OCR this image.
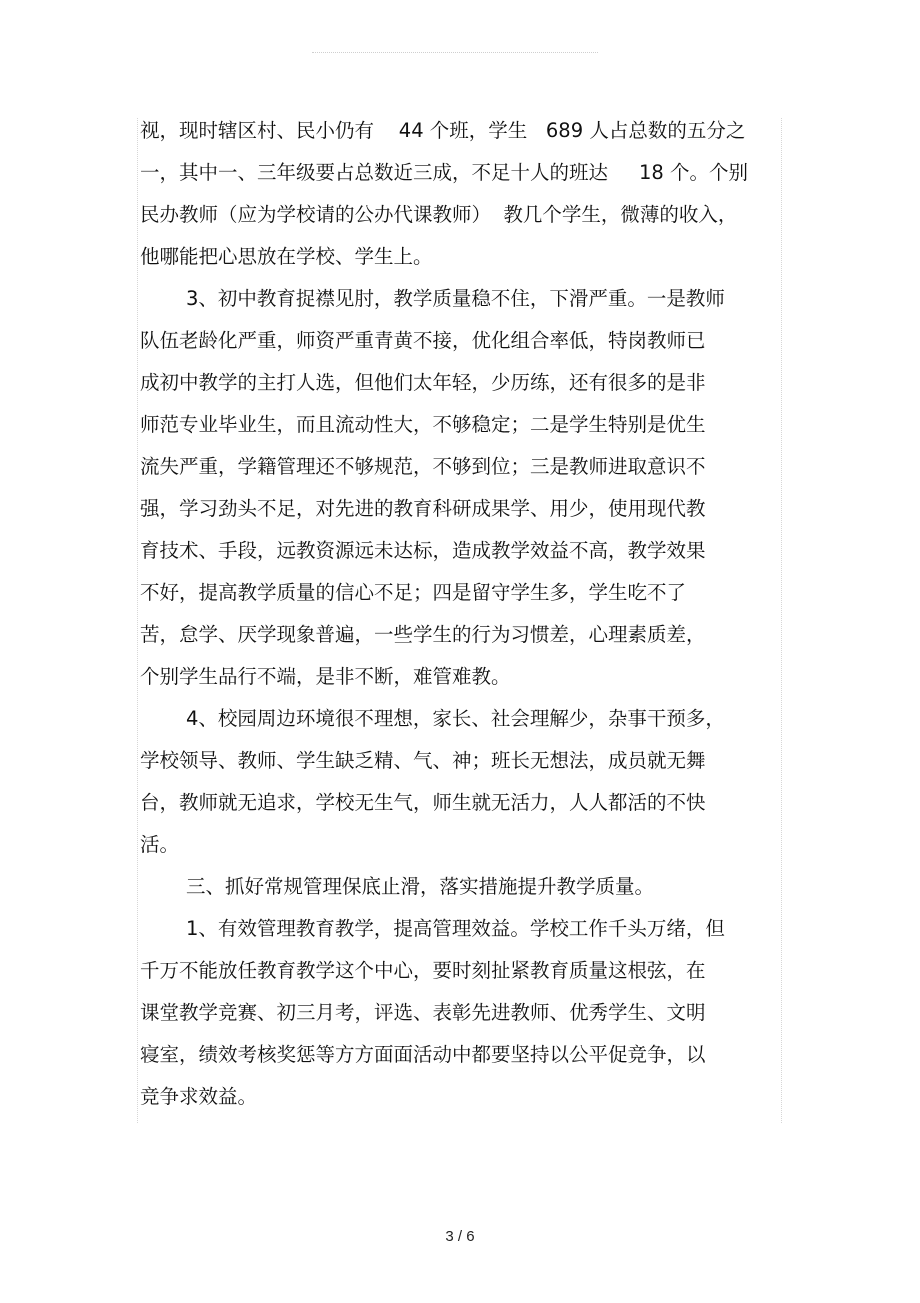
视，现时辖区村、民小仍有    44 个班，学生   689 人占总数的五分之
一，其中一、三年级要占总数近三成，不足十人的班达     18 个。个别
民办教师（应为学校请的公办代课教师）  教几个学生，微薄的收入，
他哪能把心思放在学校、学生上。
3、初中教育捉襟见肘，教学质量稳不住，下滑严重。一是教师
队伍老龄化严重，师资严重青黄不接，优化组合率低，特岗教师已
成初中教学的主打人选，但他们太年轻，少历练，还有很多的是非
师范专业毕业生，而且流动性大，不够稳定；二是学生特别是优生
流失严重，学籍管理还不够规范，不够到位；三是教师进取意识不
强，学习劲头不足，对先进的教育科研成果学、用少，使用现代教
育技术、手段，远教资源远未达标，造成教学效益不高，教学效果
不好，提高教学质量的信心不足；四是留守学生多，学生吃不了
苦，怠学、厌学现象普遍，一些学生的行为习惯差，心理素质差，
个别学生品行不端，是非不断，难管难教。
4、校园周边环境很不理想，家长、社会理解少，杂事干预多，
学校领导、教师、学生缺乏精、气、神；班长无想法，成员就无舞
台，教师就无追求，学校无生气，师生就无活力，人人都活的不快
活。
三、抓好常规管理保底止滑，落实措施提升教学质量。
1、有效管理教育教学，提高管理效益。学校工作千头万绪，但
千万不能放任教育教学这个中心，要时刻扯紧教育质量这根弦，在
课堂教学竞赛、初三月考，评选、表彰先进教师、优秀学生、文明
寝室，绩效考核奖惩等方方面面活动中都要坚持以公平促竞争，以
竞争求效益。
3 / 6
